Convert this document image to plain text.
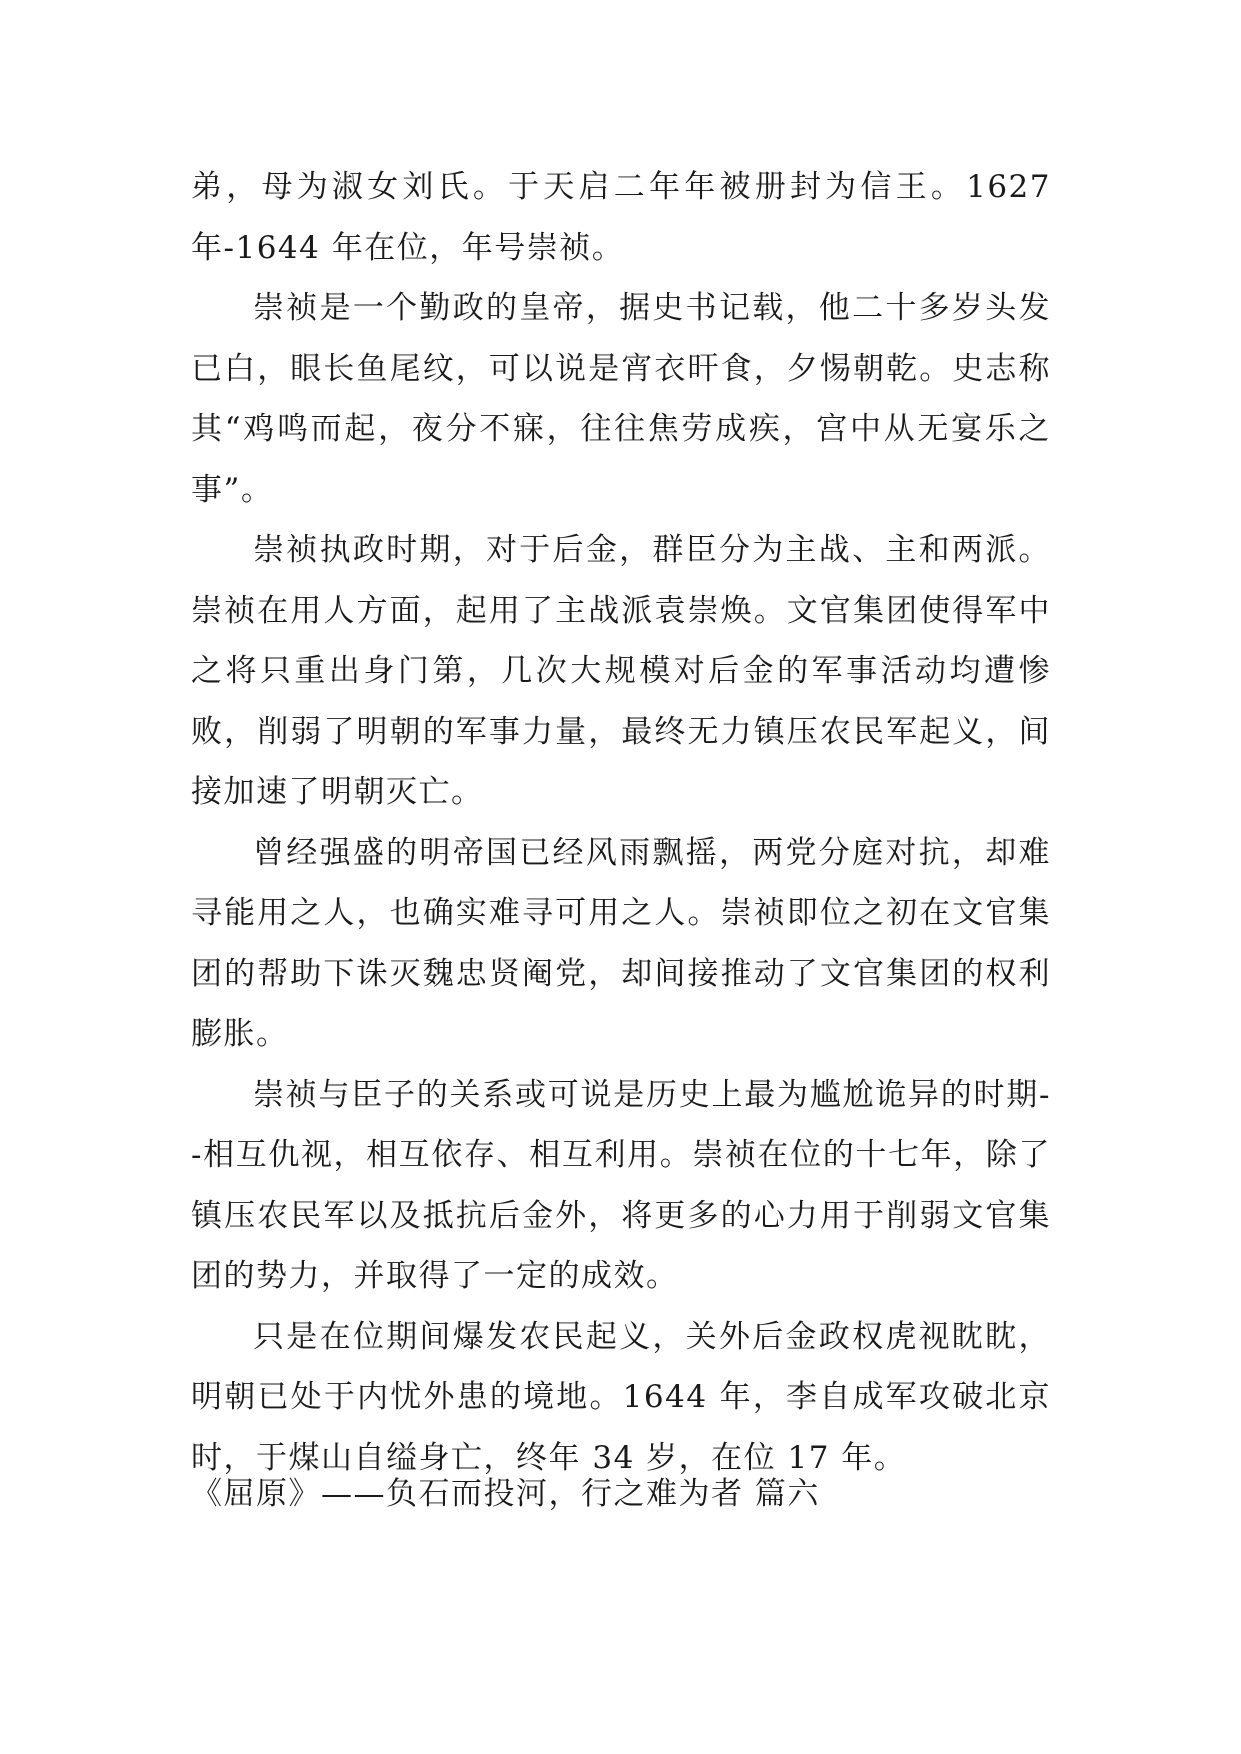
弟，母为淑女刘氏。于天启二年年被册封为信王。1627 年-1644 年在位，年号崇祯。

崇祯是一个勤政的皇帝，据史书记载，他二十多岁头发已白，眼长鱼尾纹，可以说是宵衣旰食，夕惕朝乾。史志称其“鸡鸣而起，夜分不寐，往往焦劳成疾，宫中从无宴乐之事”。

崇祯执政时期，对于后金，群臣分为主战、主和两派。崇祯在用人方面，起用了主战派袁崇焕。文官集团使得军中之将只重出身门第，几次大规模对后金的军事活动均遭惨败，削弱了明朝的军事力量，最终无力镇压农民军起义，间接加速了明朝灭亡。

曾经强盛的明帝国已经风雨飘摇，两党分庭对抗，却难寻能用之人，也确实难寻可用之人。崇祯即位之初在文官集团的帮助下诛灭魏忠贤阉党，却间接推动了文官集团的权利膨胀。

崇祯与臣子的关系或可说是历史上最为尴尬诡异的时期--相互仇视，相互依存、相互利用。崇祯在位的十七年，除了镇压农民军以及抵抗后金外，将更多的心力用于削弱文官集团的势力，并取得了一定的成效。

只是在位期间爆发农民起义，关外后金政权虎视眈眈，明朝已处于内忧外患的境地。1644 年，李自成军攻破北京时，于煤山自缢身亡，终年 34 岁，在位 17 年。

《屈原》——负石而投河，行之难为者 篇六
